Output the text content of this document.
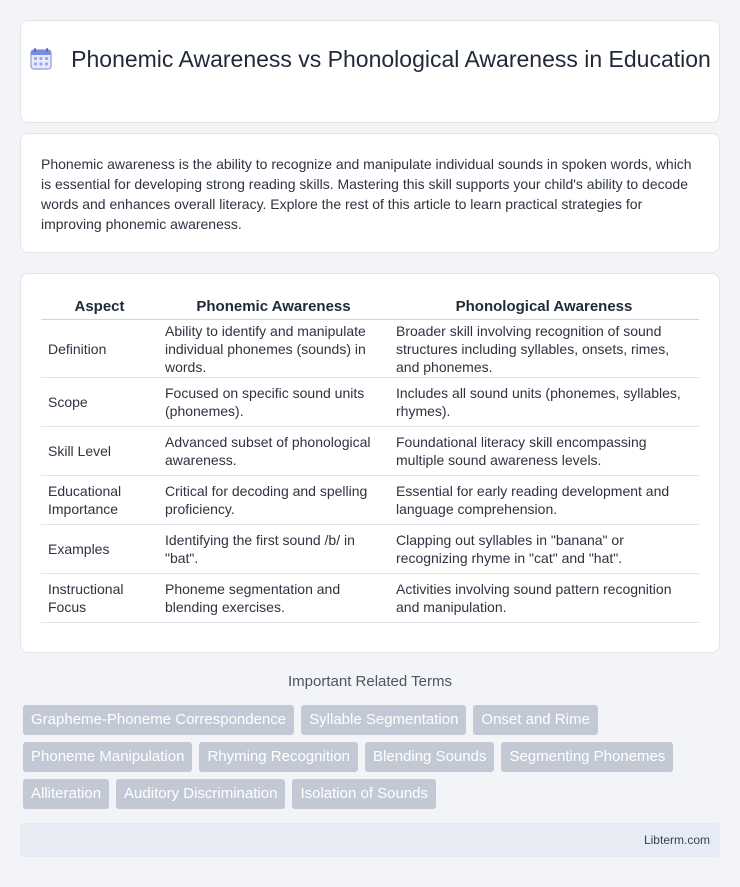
Phonemic Awareness vs Phonological Awareness in Education

Phonemic awareness is the ability to recognize and manipulate individual sounds in spoken words, which is essential for developing strong reading skills. Mastering this skill supports your child's ability to decode words and enhances overall literacy. Explore the rest of this article to learn practical strategies for improving phonemic awareness.

Aspect	Phonemic Awareness	Phonological Awareness
Definition	Ability to identify and manipulate individual phonemes (sounds) in words.	Broader skill involving recognition of sound structures including syllables, onsets, rimes, and phonemes.
Scope	Focused on specific sound units (phonemes).	Includes all sound units (phonemes, syllables, rhymes).
Skill Level	Advanced subset of phonological awareness.	Foundational literacy skill encompassing multiple sound awareness levels.
Educational Importance	Critical for decoding and spelling proficiency.	Essential for early reading development and language comprehension.
Examples	Identifying the first sound /b/ in "bat".	Clapping out syllables in "banana" or recognizing rhyme in "cat" and "hat".
Instructional Focus	Phoneme segmentation and blending exercises.	Activities involving sound pattern recognition and manipulation.
Important Related Terms
Grapheme-Phoneme Correspondence	Syllable Segmentation	Onset and Rime
Phoneme Manipulation	Rhyming Recognition	Blending Sounds	Segmenting Phonemes
Alliteration	Auditory Discrimination	Isolation of Sounds
Libterm.com
